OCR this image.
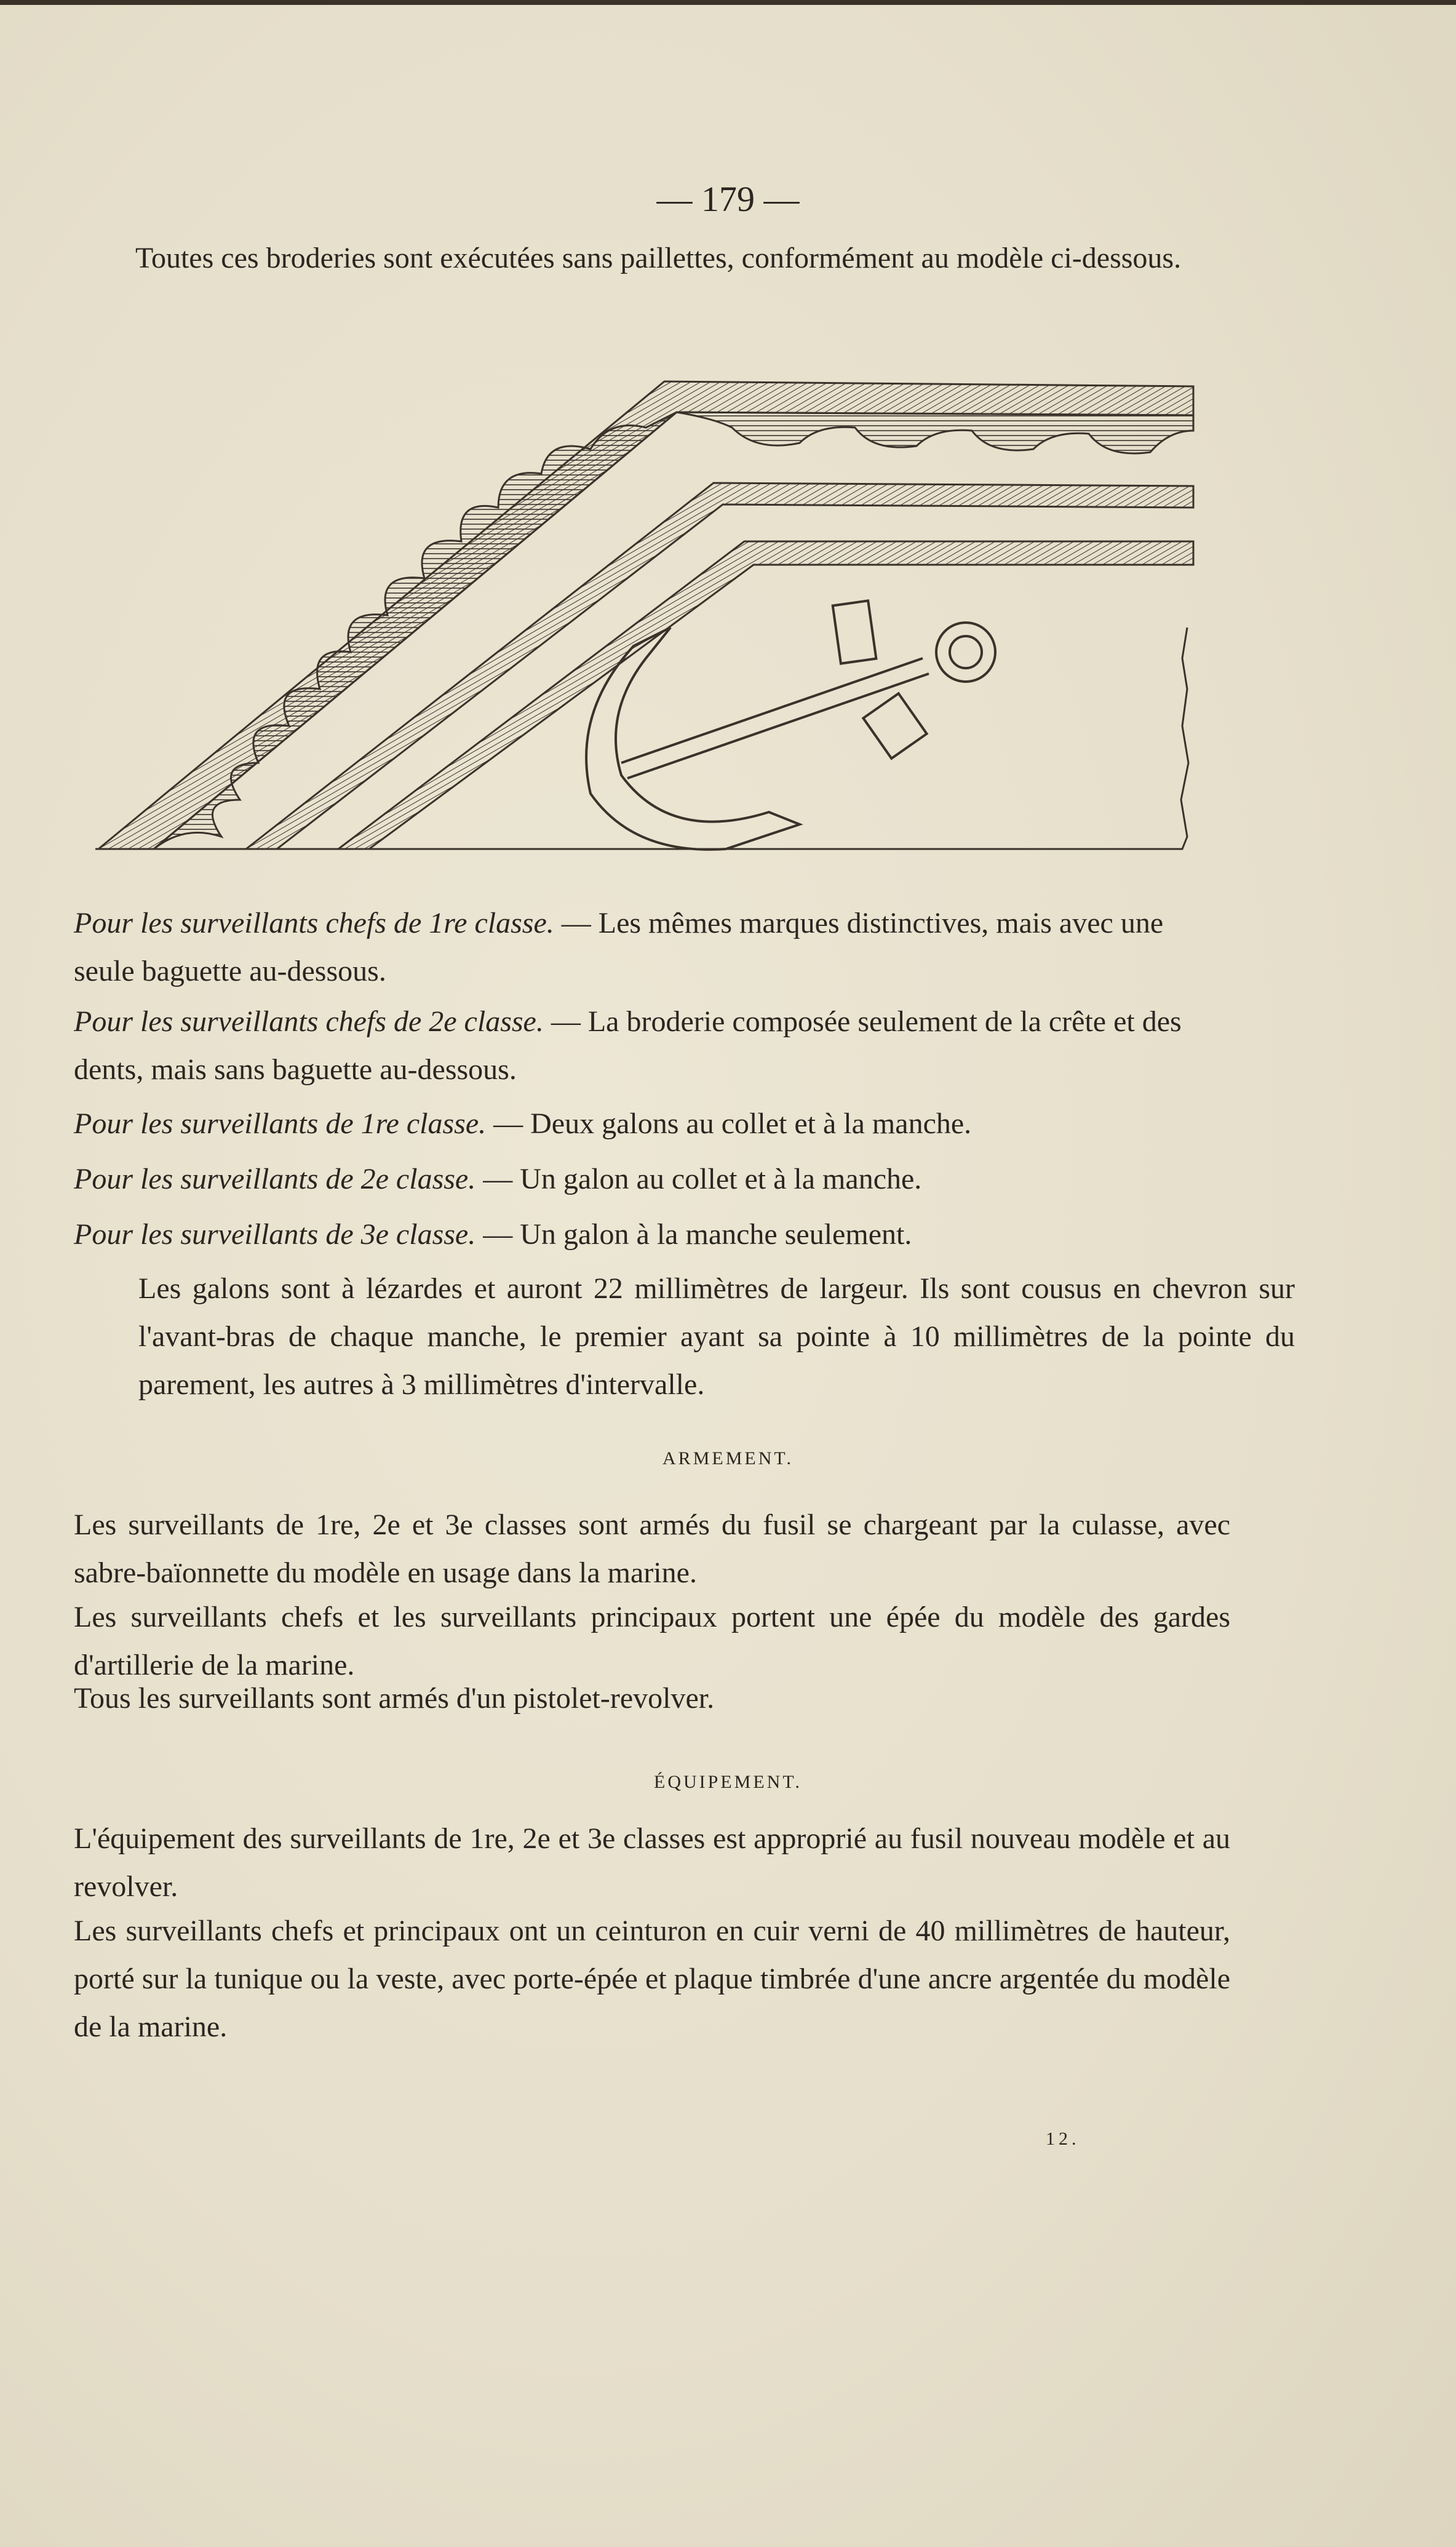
— 179 —
Toutes ces broderies sont exécutées sans paillettes, conformément au modèle ci-dessous.
Pour les surveillants chefs de 1re classe. — Les mêmes marques distinctives, mais avec une seule baguette au-dessous.
Pour les surveillants chefs de 2e classe. — La broderie composée seulement de la crête et des dents, mais sans baguette au-dessous.
Pour les surveillants de 1re classe. — Deux galons au collet et à la manche.
Pour les surveillants de 2e classe. — Un galon au collet et à la manche.
Pour les surveillants de 3e classe. — Un galon à la manche seulement.
Les galons sont à lézardes et auront 22 millimètres de largeur. Ils sont cousus en chevron sur l'avant-bras de chaque manche, le premier ayant sa pointe à 10 millimètres de la pointe du parement, les autres à 3 millimètres d'intervalle.
ARMEMENT.
Les surveillants de 1re, 2e et 3e classes sont armés du fusil se chargeant par la culasse, avec sabre-baïonnette du modèle en usage dans la marine.
Les surveillants chefs et les surveillants principaux portent une épée du modèle des gardes d'artillerie de la marine.
Tous les surveillants sont armés d'un pistolet-revolver.
ÉQUIPEMENT.
L'équipement des surveillants de 1re, 2e et 3e classes est approprié au fusil nouveau modèle et au revolver.
Les surveillants chefs et principaux ont un ceinturon en cuir verni de 40 millimètres de hauteur, porté sur la tunique ou la veste, avec porte-épée et plaque timbrée d'une ancre argentée du modèle de la marine.
12.
